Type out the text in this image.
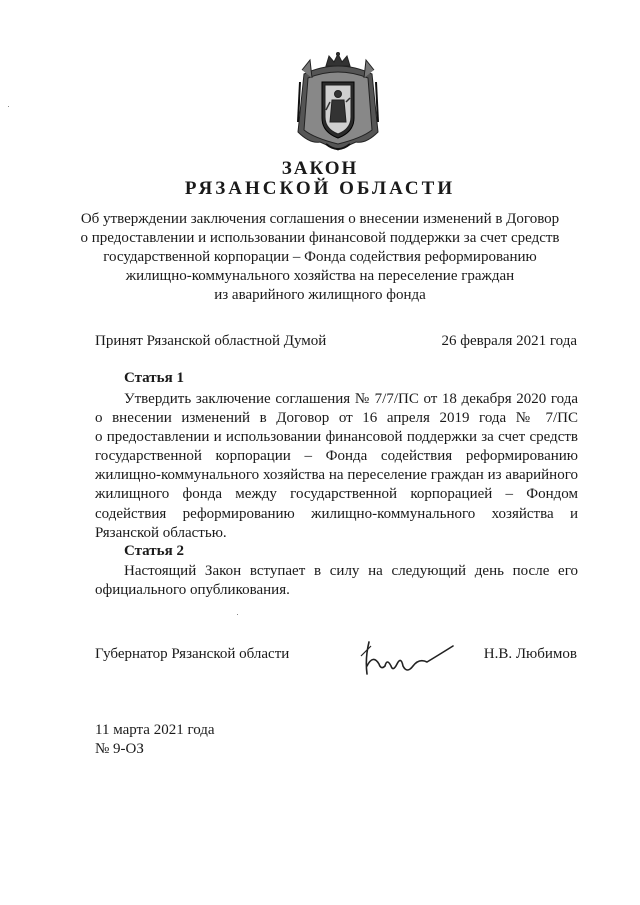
ЗАКОН
РЯЗАНСКОЙ ОБЛАСТИ
Об утверждении заключения соглашения о внесении изменений в Договор
о предоставлении и использовании финансовой поддержки за счет средств
государственной корпорации – Фонда содействия реформированию
жилищно-коммунального хозяйства на переселение граждан
из аварийного жилищного фонда
Принят Рязанской областной Думой	26 февраля 2021 года
Статья 1
Утвердить заключение соглашения № 7/7/ПС от 18 декабря 2020 года
о внесении изменений в Договор от 16 апреля 2019 года № 7/ПС
о предоставлении и использовании финансовой поддержки за счет средств
государственной корпорации – Фонда содействия реформированию
жилищно-коммунального хозяйства на переселение граждан из аварийного
жилищного фонда между государственной корпорацией – Фондом
содействия реформированию жилищно-коммунального хозяйства и
Рязанской областью.
Статья 2
Настоящий Закон вступает в силу на следующий день после его
официального опубликования.
Губернатор Рязанской области	Н.В. Любимов
11 марта 2021 года
№ 9-ОЗ
